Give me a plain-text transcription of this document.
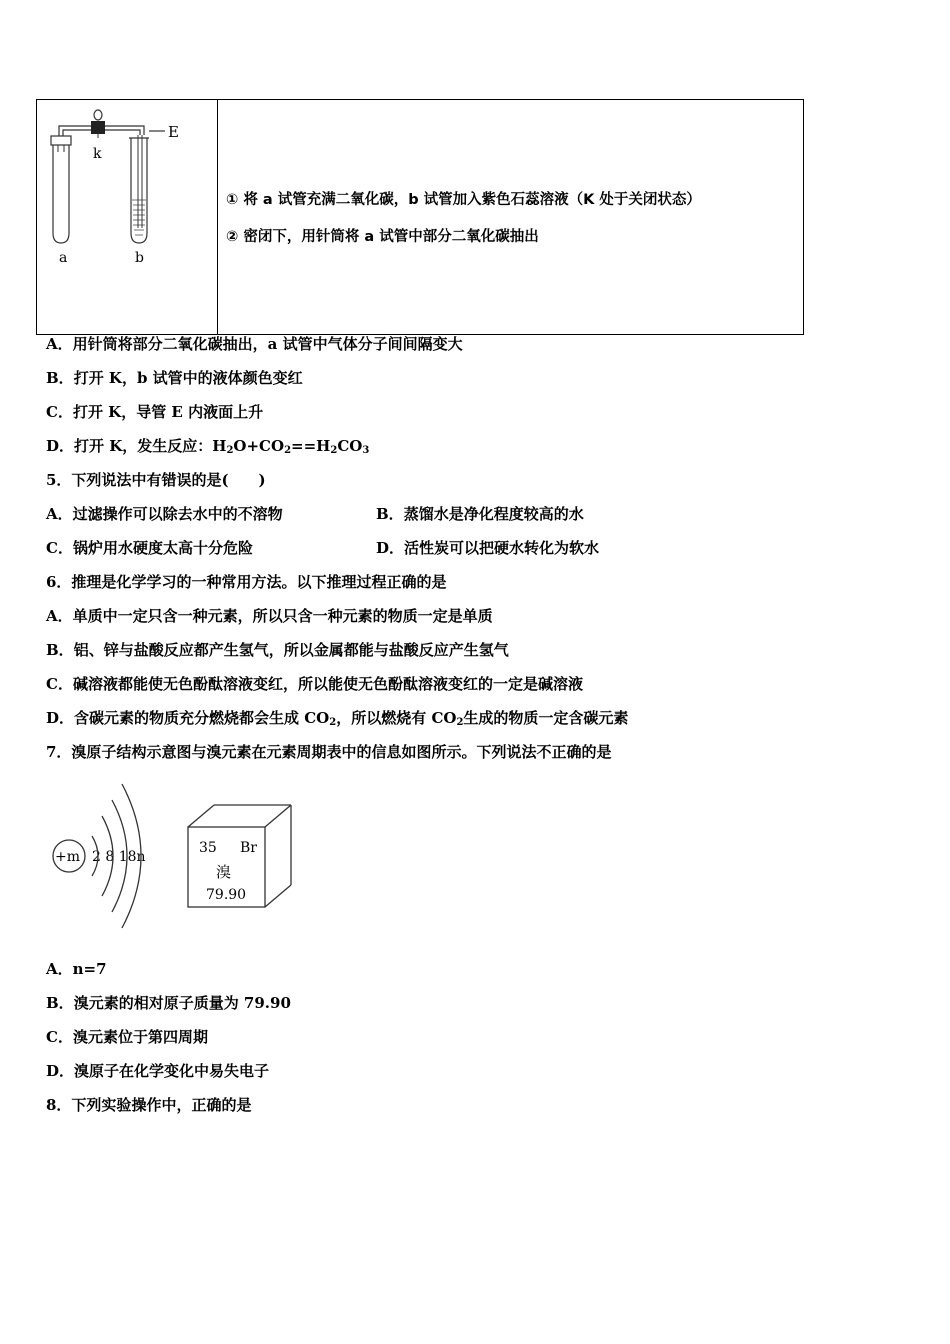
k
E
a	b

① 将 a 试管充满二氧化碳，b 试管加入紫色石蕊溶液（K 处于关闭状态）
② 密闭下，用针筒将 a 试管中部分二氧化碳抽出
A．用针筒将部分二氧化碳抽出，a 试管中气体分子间间隔变大
B．打开 K，b 试管中的液体颜色变红
C．打开 K，导管 E 内液面上升
D．打开 K，发生反应：$H_2O+CO_2==H_2CO_3$
5．下列说法中有错误的是(　　)
A．过滤操作可以除去水中的不溶物	B．蒸馏水是净化程度较高的水
C．锅炉用水硬度太高十分危险	D．活性炭可以把硬水转化为软水
6．推理是化学学习的一种常用方法。以下推理过程正确的是
A．单质中一定只含一种元素，所以只含一种元素的物质一定是单质
B．铝、锌与盐酸反应都产生氢气，所以金属都能与盐酸反应产生氢气
C．碱溶液都能使无色酚酞溶液变红，所以能使无色酚酞溶液变红的一定是碱溶液
D．含碳元素的物质充分燃烧都会生成 $CO_2$，所以燃烧有 $CO_2$生成的物质一定含碳元素
7．溴原子结构示意图与溴元素在元素周期表中的信息如图所示。下列说法不正确的是
+m 2 8 18n
35 Br
溴
79.90
A．n=7
B．溴元素的相对原子质量为 79.90
C．溴元素位于第四周期
D．溴原子在化学变化中易失电子
8．下列实验操作中，正确的是
